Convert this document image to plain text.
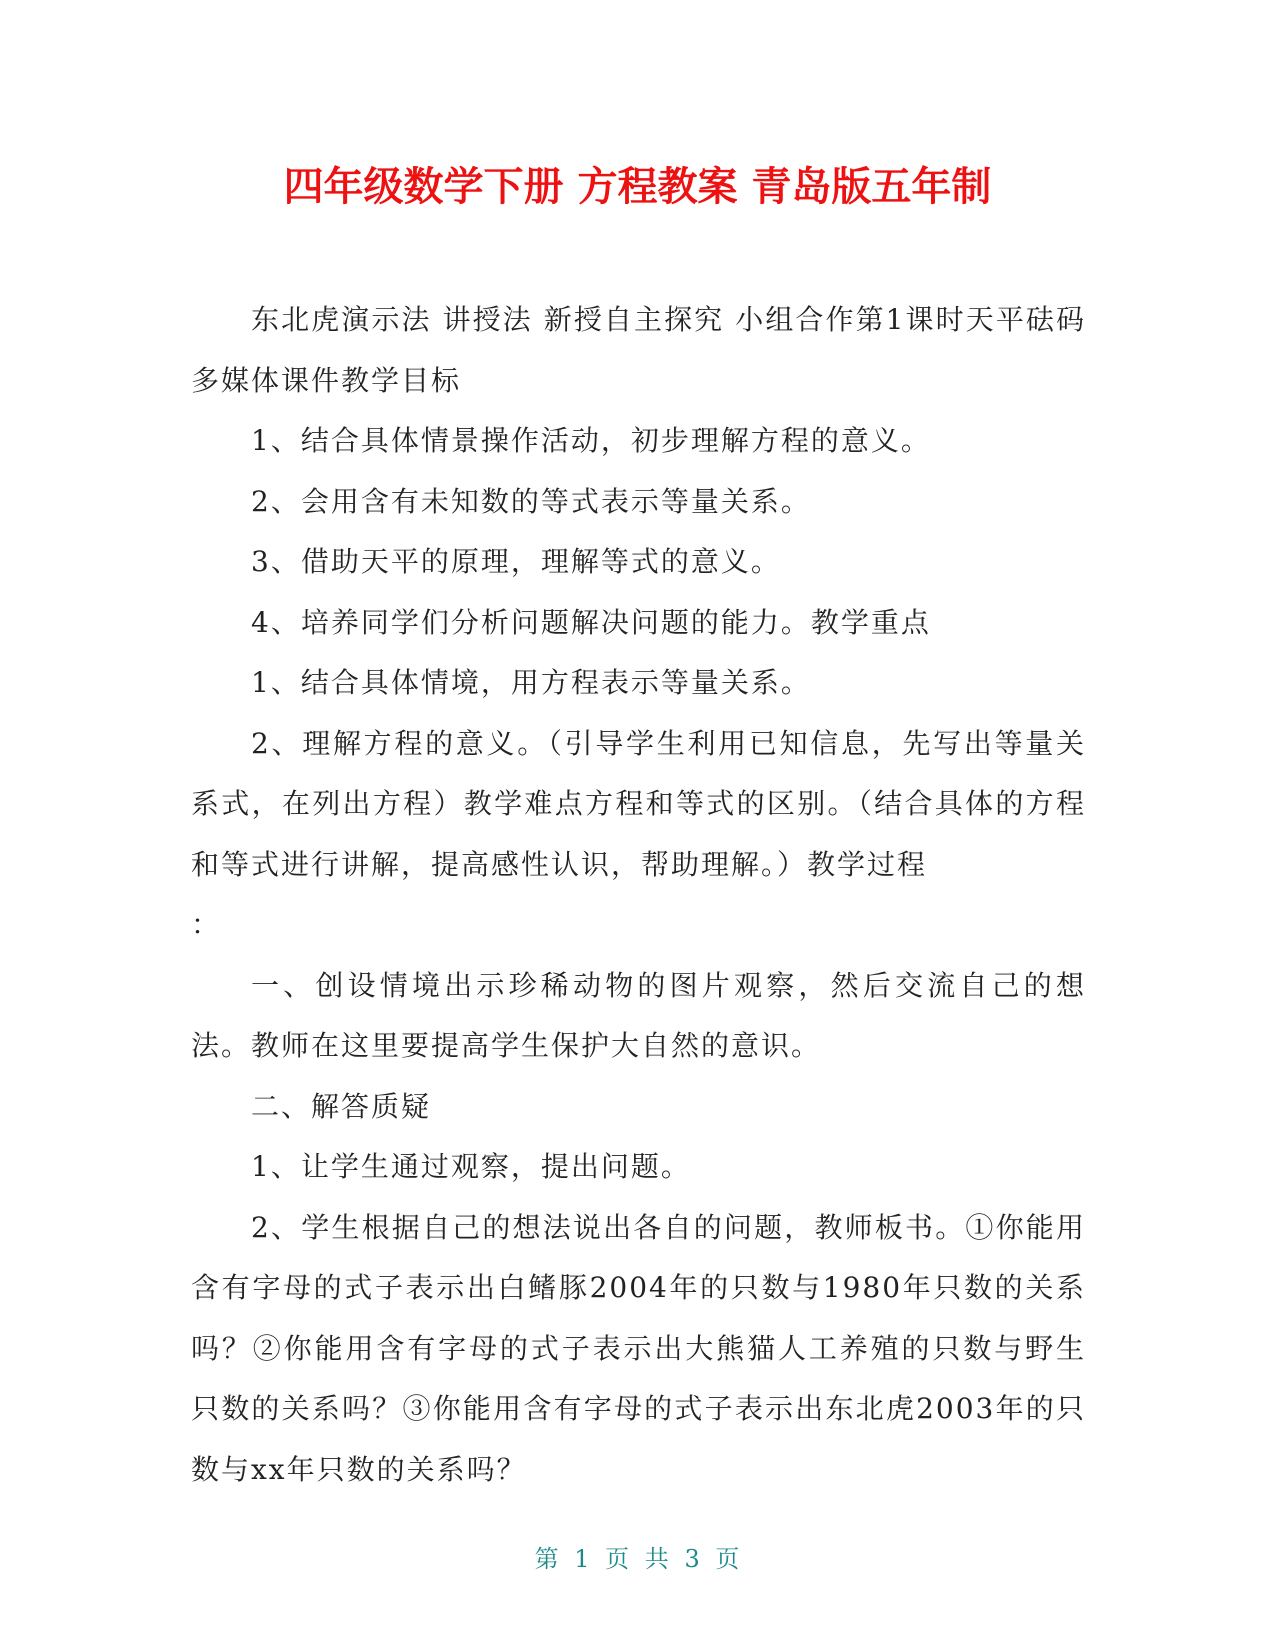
四年级数学下册 方程教案 青岛版五年制

东北虎演示法 讲授法 新授自主探究 小组合作第1课时天平砝码 多媒体课件教学目标

1、结合具体情景操作活动，初步理解方程的意义。

2、会用含有未知数的等式表示等量关系。

3、借助天平的原理，理解等式的意义。

4、培养同学们分析问题解决问题的能力。教学重点

1、结合具体情境，用方程表示等量关系。

2、理解方程的意义。（引导学生利用已知信息，先写出等量关系式，在列出方程）教学难点方程和等式的区别。（结合具体的方程和等式进行讲解，提高感性认识，帮助理解。）教学过程

：

一、创设情境出示珍稀动物的图片观察，然后交流自己的想法。教师在这里要提高学生保护大自然的意识。

二、解答质疑

1、让学生通过观察，提出问题。

2、学生根据自己的想法说出各自的问题，教师板书。①你能用含有字母的式子表示出白鳍豚2004年的只数与1980年只数的关系吗？②你能用含有字母的式子表示出大熊猫人工养殖的只数与野生只数的关系吗？③你能用含有字母的式子表示出东北虎2003年的只数与xx年只数的关系吗？

第 1 页 共 3 页
